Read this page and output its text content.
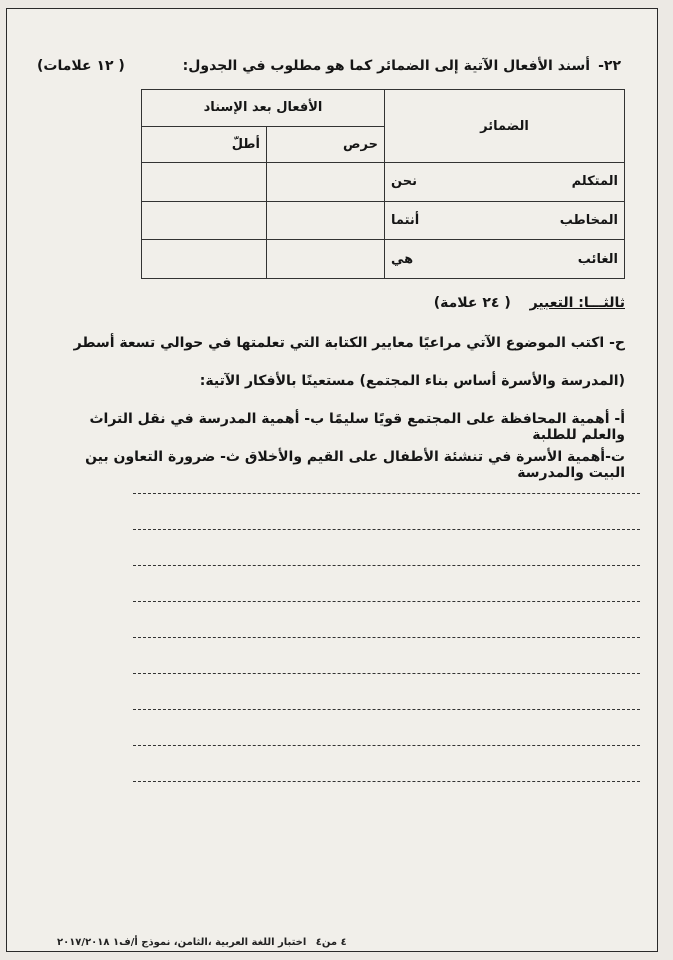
٢٢-
أسند الأفعال الآتية إلى الضمائر كما هو مطلوب في الجدول:
( ١٢ علامات)
الضمائر		الأفعال بعد الإسناد	
		حرص	أطلّ
المتكلم	نحن		
المخاطب	أنتما		
الغائب	هي		
ثالثـــا: التعبير ( ٢٤ علامة)
ح- اكتب الموضوع الآتي مراعيًا معايير الكتابة التي تعلمتها في حوالي تسعة أسطر
(المدرسة والأسرة أساس بناء المجتمع) مستعينًا بالأفكار الآتية:
أ- أهمية المحافظة على المجتمع قويًا سليمًا ب- أهمية المدرسة في نقل التراث والعلم للطلبة
ت-أهمية الأسرة في تنشئة الأطفال على القيم والأخلاق ث- ضرورة التعاون بين البيت والمدرسة
٤ من٤ اختبار اللغة العربية ،الثامن، نموذج أ/ف١ ٢٠١٧/٢٠١٨
